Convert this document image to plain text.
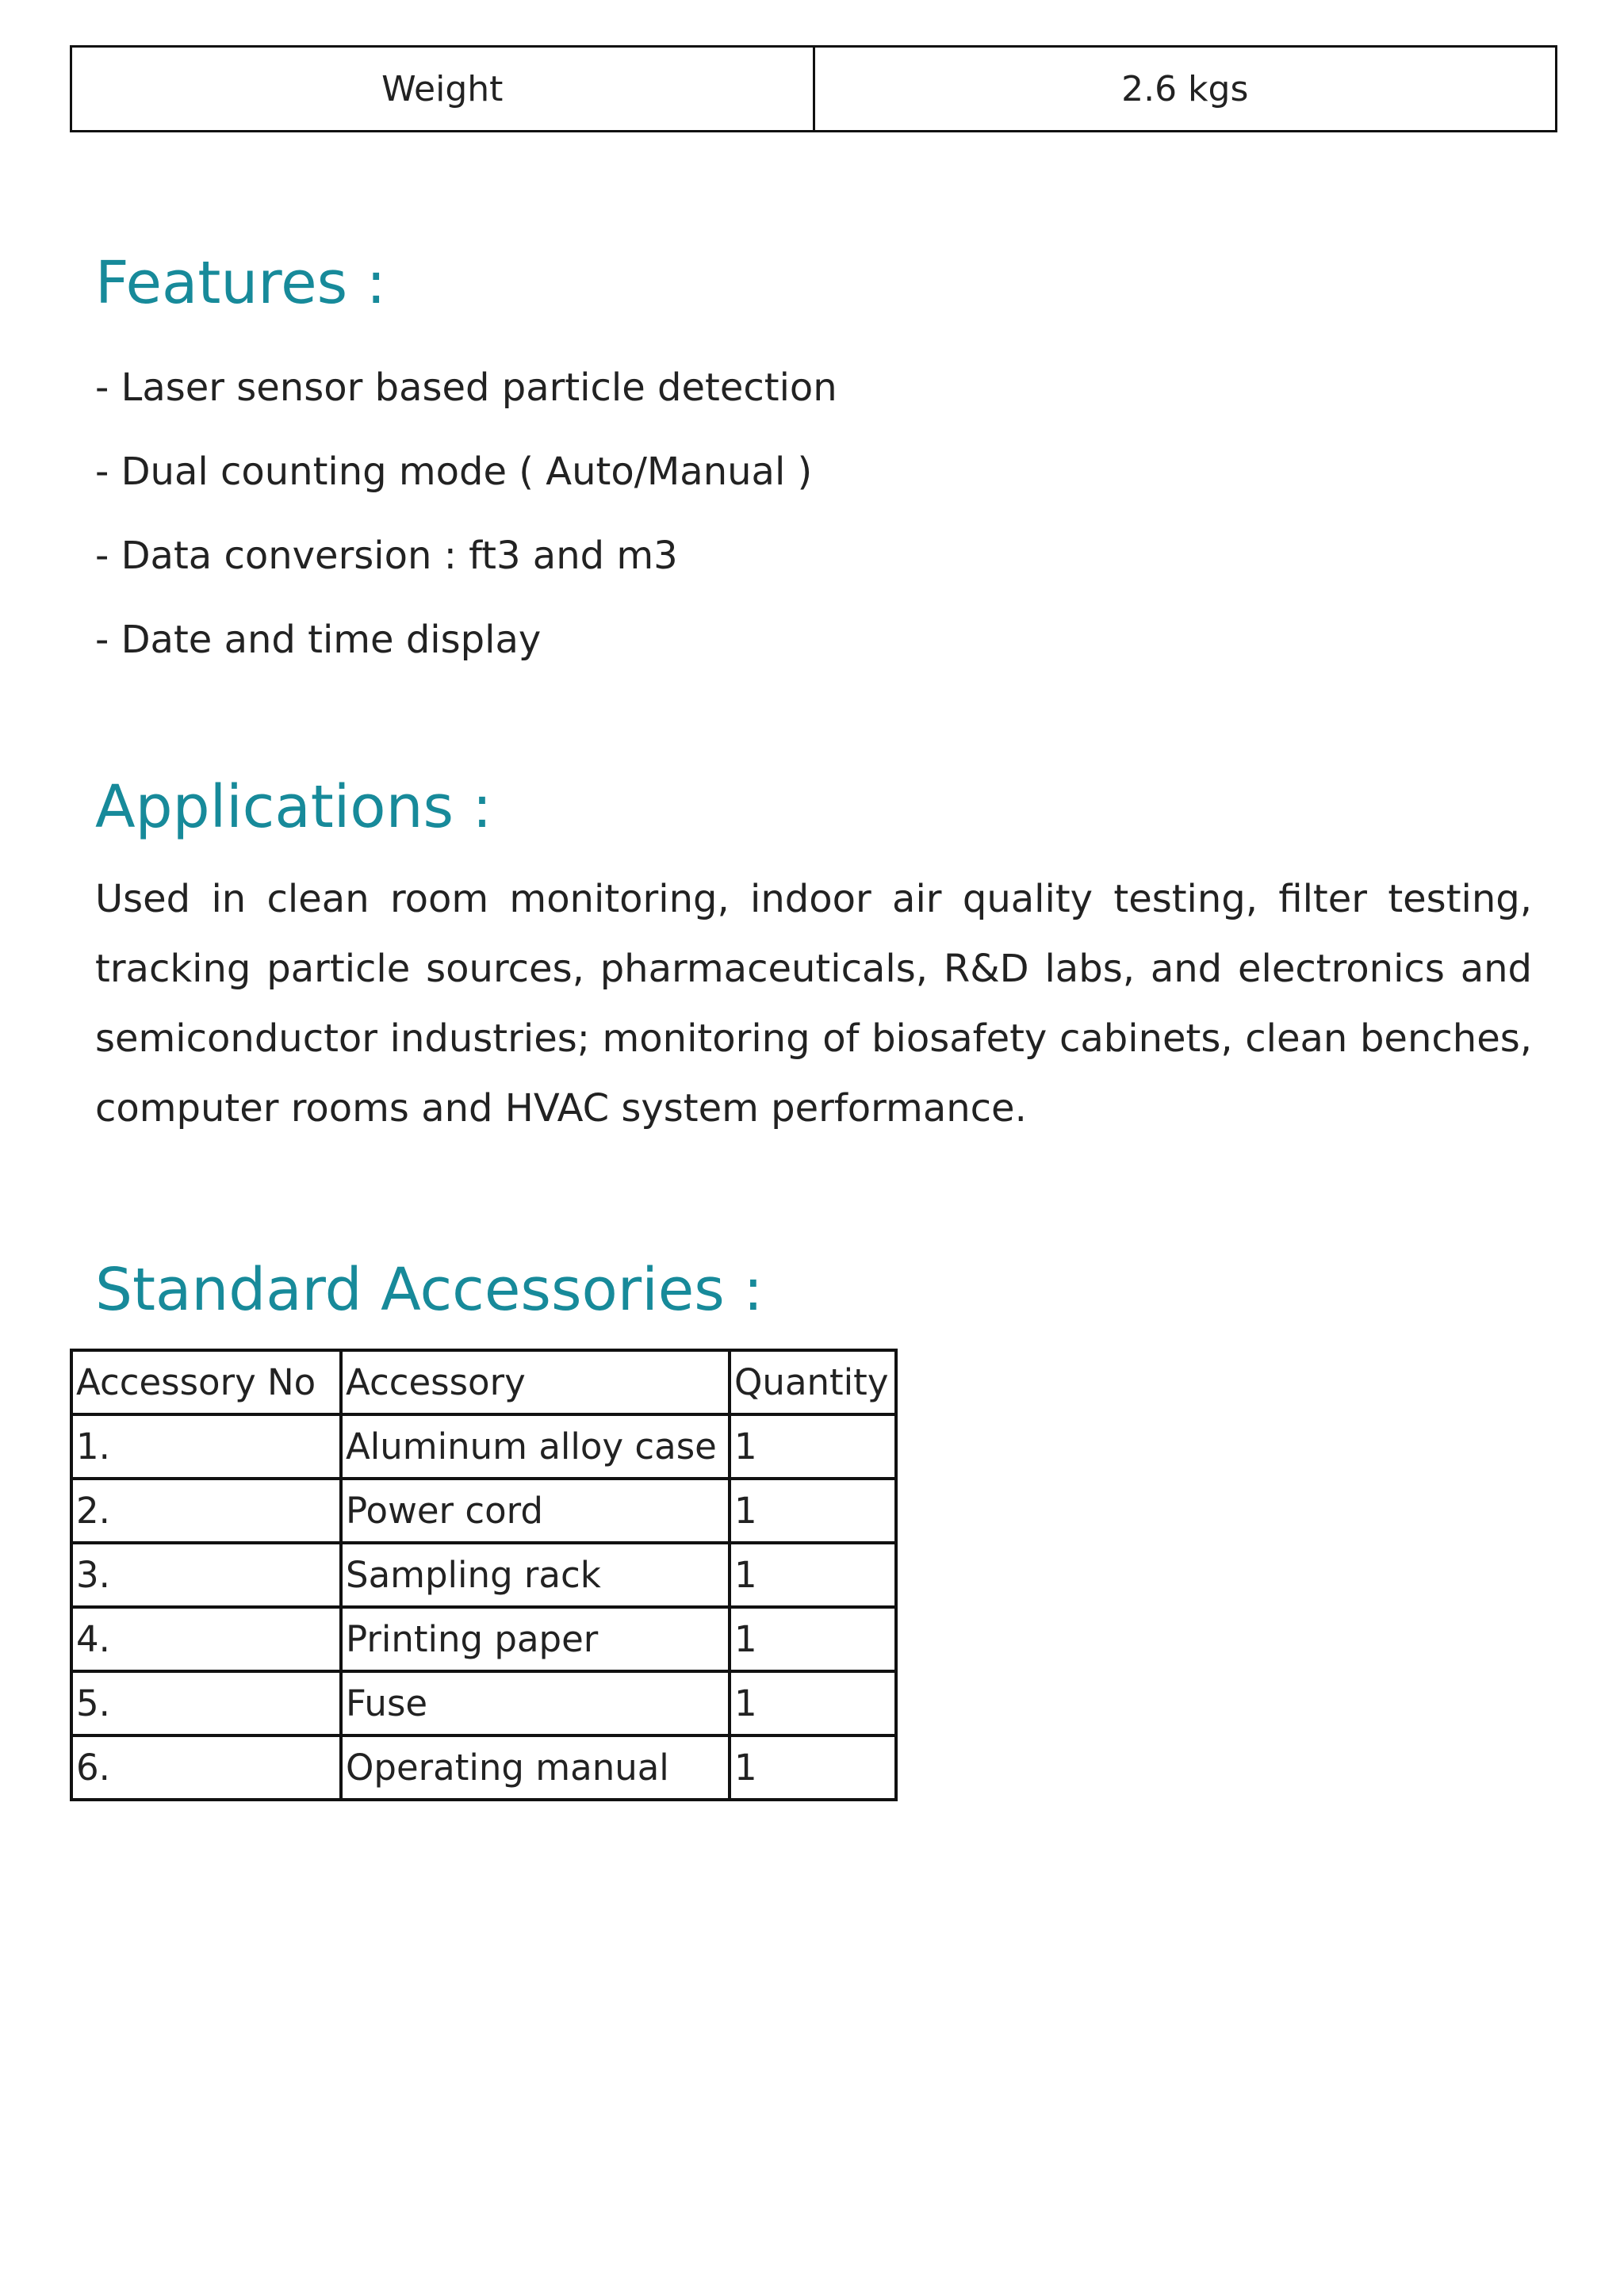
Weight	2.6 kgs
Features :
- Laser sensor based particle detection
- Dual counting mode ( Auto/Manual )
- Data conversion : ft3 and m3
- Date and time display
Applications :

Used in clean room monitoring, indoor air quality testing, filter testing, tracking particle sources, pharmaceuticals, R&D labs, and electronics and semiconductor industries; monitoring of biosafety cabinets, clean benches, computer rooms and HVAC system performance.

Standard Accessories :
Accessory No	Accessory	Quantity
1.	Aluminum alloy case	1
2.	Power cord	1
3.	Sampling rack	1
4.	Printing paper	1
5.	Fuse	1
6.	Operating manual	1
